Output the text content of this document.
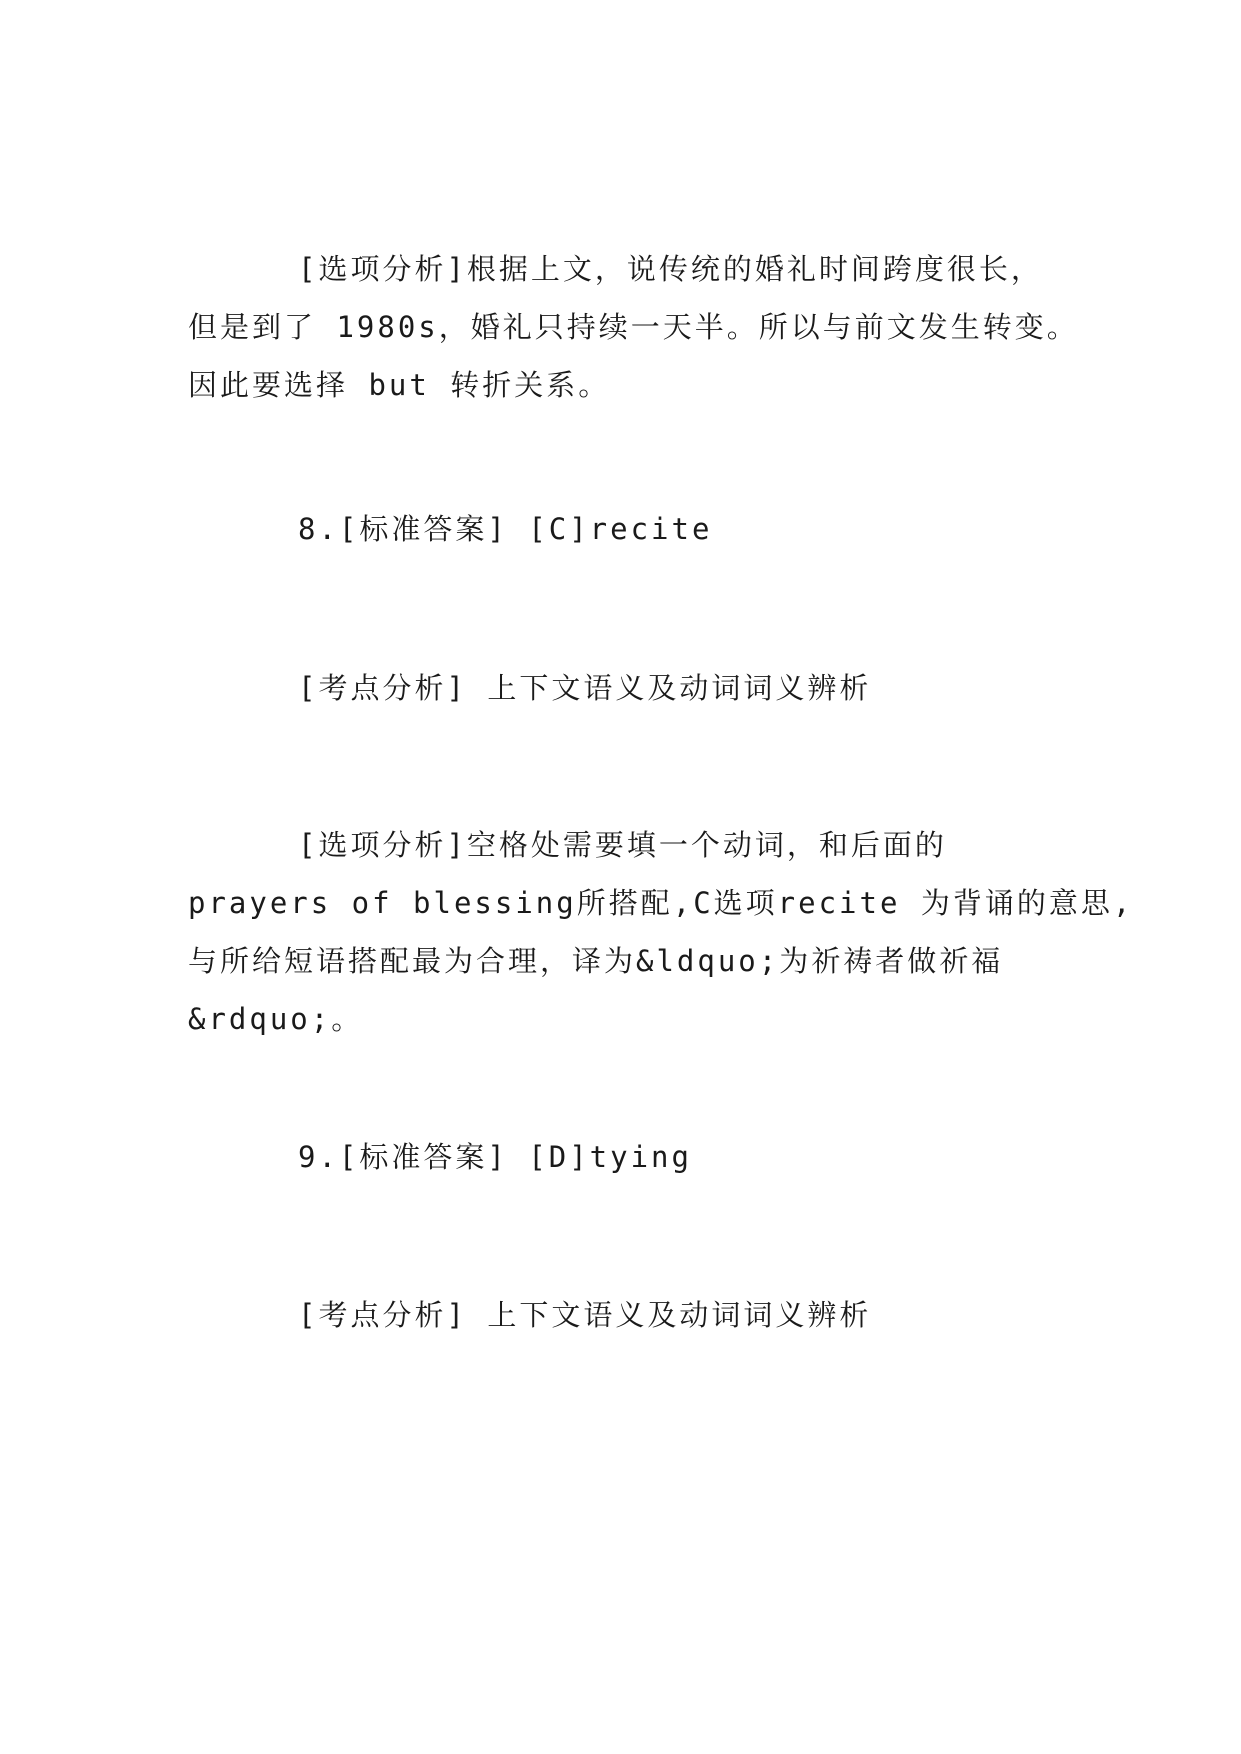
[选项分析]根据上文，说传统的婚礼时间跨度很长，
但是到了 1980s，婚礼只持续一天半。所以与前文发生转变。
因此要选择 but 转折关系。
8.[标准答案] [C]recite
[考点分析] 上下文语义及动词词义辨析
[选项分析]空格处需要填一个动词，和后面的
prayers of blessing所搭配,C选项recite 为背诵的意思,
与所给短语搭配最为合理，译为&ldquo;为祈祷者做祈福
&rdquo;。
9.[标准答案] [D]tying
[考点分析] 上下文语义及动词词义辨析
